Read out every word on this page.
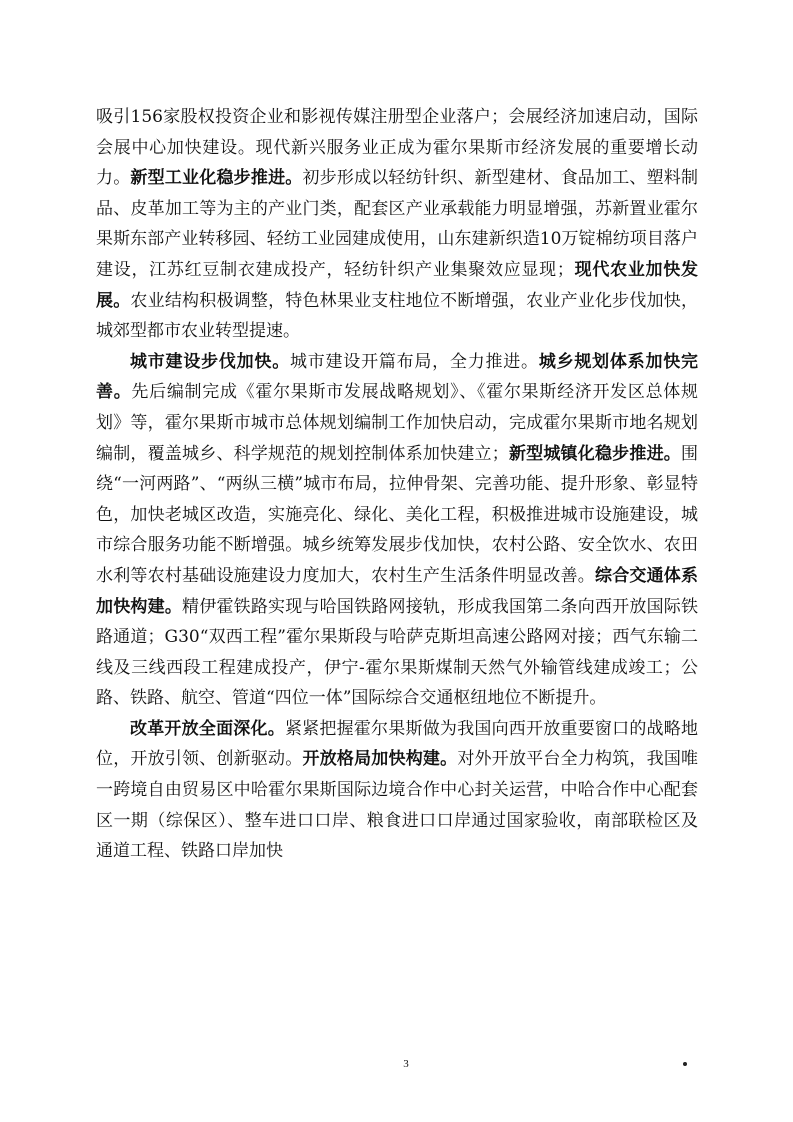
吸引156家股权投资企业和影视传媒注册型企业落户；会展经济加速启动，国际会展中心加快建设。现代新兴服务业正成为霍尔果斯市经济发展的重要增长动力。新型工业化稳步推进。初步形成以轻纺针织、新型建材、食品加工、塑料制品、皮革加工等为主的产业门类，配套区产业承载能力明显增强，苏新置业霍尔果斯东部产业转移园、轻纺工业园建成使用，山东建新织造10万锭棉纺项目落户建设，江苏红豆制衣建成投产，轻纺针织产业集聚效应显现；现代农业加快发展。农业结构积极调整，特色林果业支柱地位不断增强，农业产业化步伐加快，城郊型都市农业转型提速。

城市建设步伐加快。城市建设开篇布局，全力推进。城乡规划体系加快完善。先后编制完成《霍尔果斯市发展战略规划》、《霍尔果斯经济开发区总体规划》等，霍尔果斯市城市总体规划编制工作加快启动，完成霍尔果斯市地名规划编制，覆盖城乡、科学规范的规划控制体系加快建立；新型城镇化稳步推进。围绕“一河两路”、“两纵三横”城市布局，拉伸骨架、完善功能、提升形象、彰显特色，加快老城区改造，实施亮化、绿化、美化工程，积极推进城市设施建设，城市综合服务功能不断增强。城乡统筹发展步伐加快，农村公路、安全饮水、农田水利等农村基础设施建设力度加大，农村生产生活条件明显改善。综合交通体系加快构建。精伊霍铁路实现与哈国铁路网接轨，形成我国第二条向西开放国际铁路通道；G30“双西工程”霍尔果斯段与哈萨克斯坦高速公路网对接；西气东输二线及三线西段工程建成投产，伊宁-霍尔果斯煤制天然气外输管线建成竣工；公路、铁路、航空、管道“四位一体”国际综合交通枢纽地位不断提升。

改革开放全面深化。紧紧把握霍尔果斯做为我国向西开放重要窗口的战略地位，开放引领、创新驱动。开放格局加快构建。对外开放平台全力构筑，我国唯一跨境自由贸易区中哈霍尔果斯国际边境合作中心封关运营，中哈合作中心配套区一期（综保区）、整车进口口岸、粮食进口口岸通过国家验收，南部联检区及通道工程、铁路口岸加快

3
